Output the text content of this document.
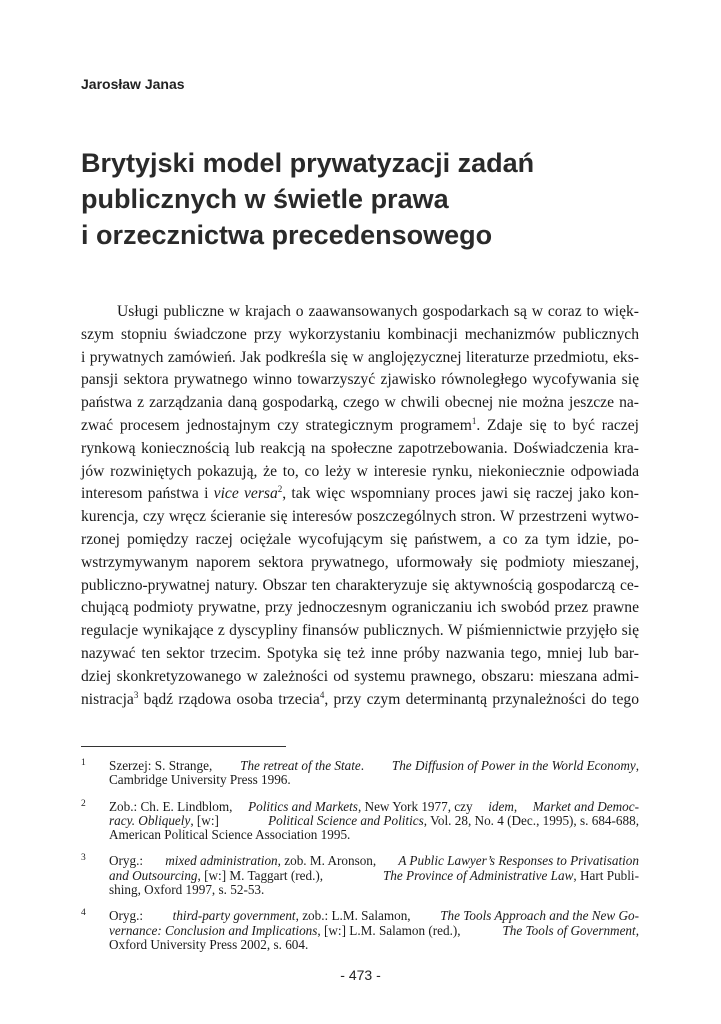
Jarosław Janas
Brytyjski model prywatyzacji zadań
publicznych w świetle prawa
i orzecznictwa precedensowego
Usługi publiczne w krajach o zaawansowanych gospodarkach są w coraz to więk-
szym stopniu świadczone przy wykorzystaniu kombinacji mechanizmów publicznych
i prywatnych zamówień. Jak podkreśla się w anglojęzycznej literaturze przedmiotu, eks-
pansji sektora prywatnego winno towarzyszyć zjawisko równoległego wycofywania się
państwa z zarządzania daną gospodarką, czego w chwili obecnej nie można jeszcze na-
zwać procesem jednostajnym czy strategicznym programem$^1$. Zdaje się to być raczej
rynkową koniecznością lub reakcją na społeczne zapotrzebowania. Doświadczenia kra-
jów rozwiniętych pokazują, że to, co leży w interesie rynku, niekoniecznie odpowiada
interesom państwa i vice versa$^2$, tak więc wspomniany proces jawi się raczej jako kon-
kurencja, czy wręcz ścieranie się interesów poszczególnych stron. W przestrzeni wytwo-
rzonej pomiędzy raczej ociężale wycofującym się państwem, a co za tym idzie, po-
wstrzymywanym naporem sektora prywatnego, uformowały się podmioty mieszanej,
publiczno-prywatnej natury. Obszar ten charakteryzuje się aktywnością gospodarczą ce-
chującą podmioty prywatne, przy jednoczesnym ograniczaniu ich swobód przez prawne
regulacje wynikające z dyscypliny finansów publicznych. W piśmiennictwie przyjęło się
nazywać ten sektor trzecim. Spotyka się też inne próby nazwania tego, mniej lub bar-
dziej skonkretyzowanego w zależności od systemu prawnego, obszaru: mieszana admi-
nistracja$^3$ bądź rządowa osoba trzecia$^4$, przy czym determinantą przynależności do tego
1 Szerzej: S. Strange, The retreat of the State. The Diffusion of Power in the World Economy,
Cambridge University Press 1996.
2 Zob.: Ch. E. Lindblom, Politics and Markets, New York 1977, czy idem, Market and Democ-
racy. Obliquely, [w:]	Political Science and Politics, Vol. 28, No. 4 (Dec., 1995), s. 684-688,
American Political Science Association 1995.
3 Oryg.: mixed administration, zob. M. Aronson, A Public Lawyer’s Responses to Privatisation
and Outsourcing, [w:] M. Taggart (red.),	The Province of Administrative Law, Hart Publi-
shing, Oxford 1997, s. 52-53.
4 Oryg.: third-party government, zob.: L.M. Salamon, The Tools Approach and the New Go-
vernance: Conclusion and Implications, [w:] L.M. Salamon (red.),	The Tools of Government,
Oxford University Press 2002, s. 604.
- 473 -
